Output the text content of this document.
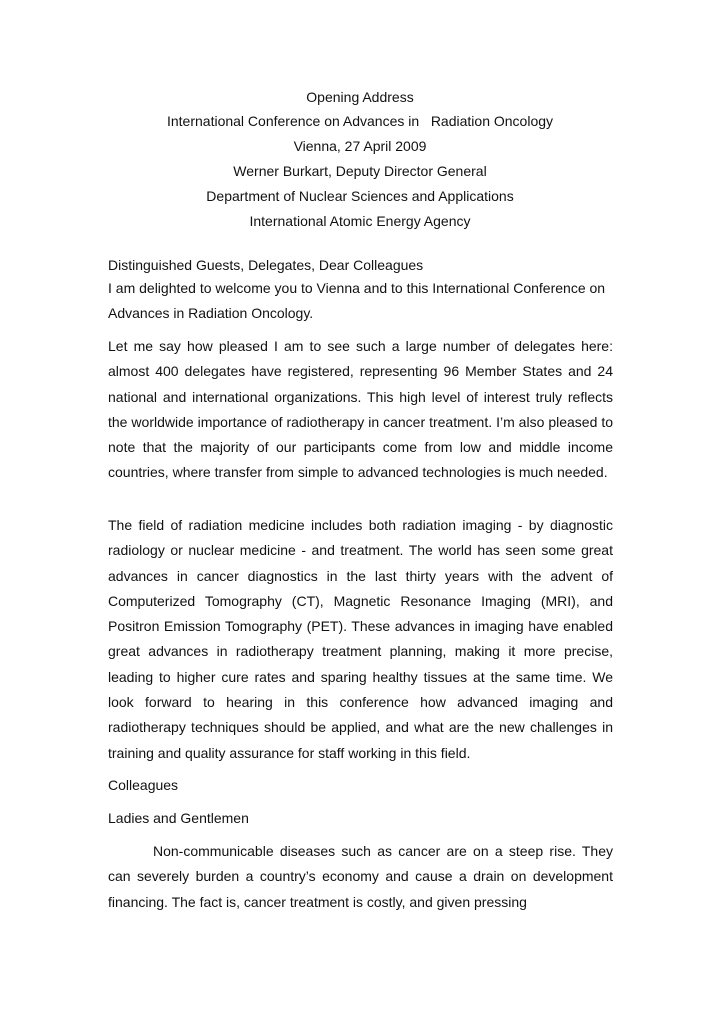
Opening Address
International Conference on Advances in   Radiation Oncology
Vienna, 27 April 2009
Werner Burkart, Deputy Director General
Department of Nuclear Sciences and Applications
International Atomic Energy Agency
Distinguished Guests, Delegates, Dear Colleagues
I am delighted to welcome you to Vienna and to this International Conference on Advances in Radiation Oncology.
Let me say how pleased I am to see such a large number of delegates here: almost 400 delegates have registered, representing 96 Member States and 24 national and international organizations. This high level of interest truly reflects the worldwide importance of radiotherapy in cancer treatment. I’m also pleased to note that the majority of our participants come from low and middle income countries, where transfer from simple to advanced technologies is much needed.
The field of radiation medicine includes both radiation imaging - by diagnostic radiology or nuclear medicine - and treatment. The world has seen some great advances in cancer diagnostics in the last thirty years with the advent of Computerized Tomography (CT), Magnetic Resonance Imaging (MRI), and Positron Emission Tomography (PET). These advances in imaging have enabled great advances in radiotherapy treatment planning, making it more precise, leading to higher cure rates and sparing healthy tissues at the same time. We look forward to hearing in this conference how advanced imaging and radiotherapy techniques should be applied, and what are the new challenges in training and quality assurance for staff working in this field.
Colleagues
Ladies and Gentlemen
Non-communicable diseases such as cancer are on a steep rise. They can severely burden a country’s economy and cause a drain on development financing. The fact is, cancer treatment is costly, and given pressing
